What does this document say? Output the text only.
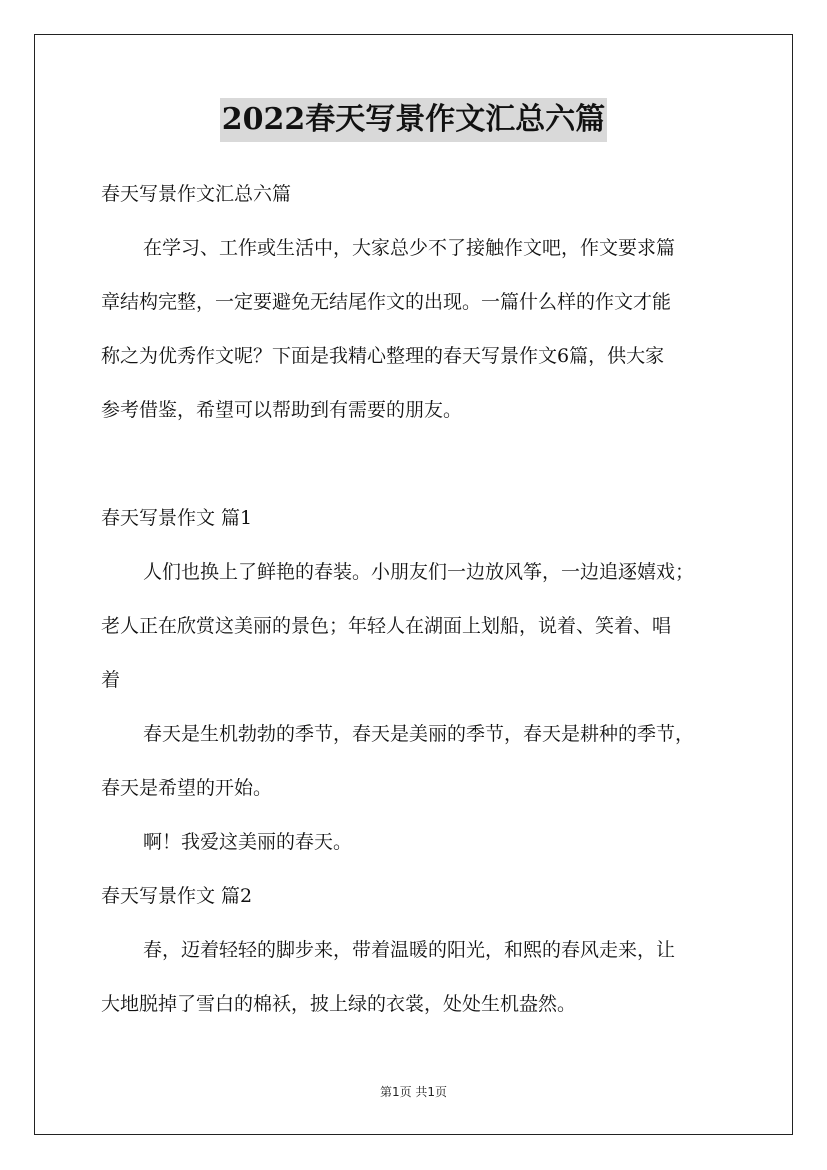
2022春天写景作文汇总六篇
春天写景作文汇总六篇
在学习、工作或生活中，大家总少不了接触作文吧，作文要求篇
章结构完整，一定要避免无结尾作文的出现。一篇什么样的作文才能
称之为优秀作文呢？下面是我精心整理的春天写景作文6篇，供大家
参考借鉴，希望可以帮助到有需要的朋友。
春天写景作文 篇1
人们也换上了鲜艳的春装。小朋友们一边放风筝，一边追逐嬉戏；
老人正在欣赏这美丽的景色；年轻人在湖面上划船，说着、笑着、唱
着
春天是生机勃勃的季节，春天是美丽的季节，春天是耕种的季节，
春天是希望的开始。
啊！我爱这美丽的春天。
春天写景作文 篇2
春，迈着轻轻的脚步来，带着温暖的阳光，和熙的春风走来，让
大地脱掉了雪白的棉袄，披上绿的衣裳，处处生机盎然。
第1页 共1页
